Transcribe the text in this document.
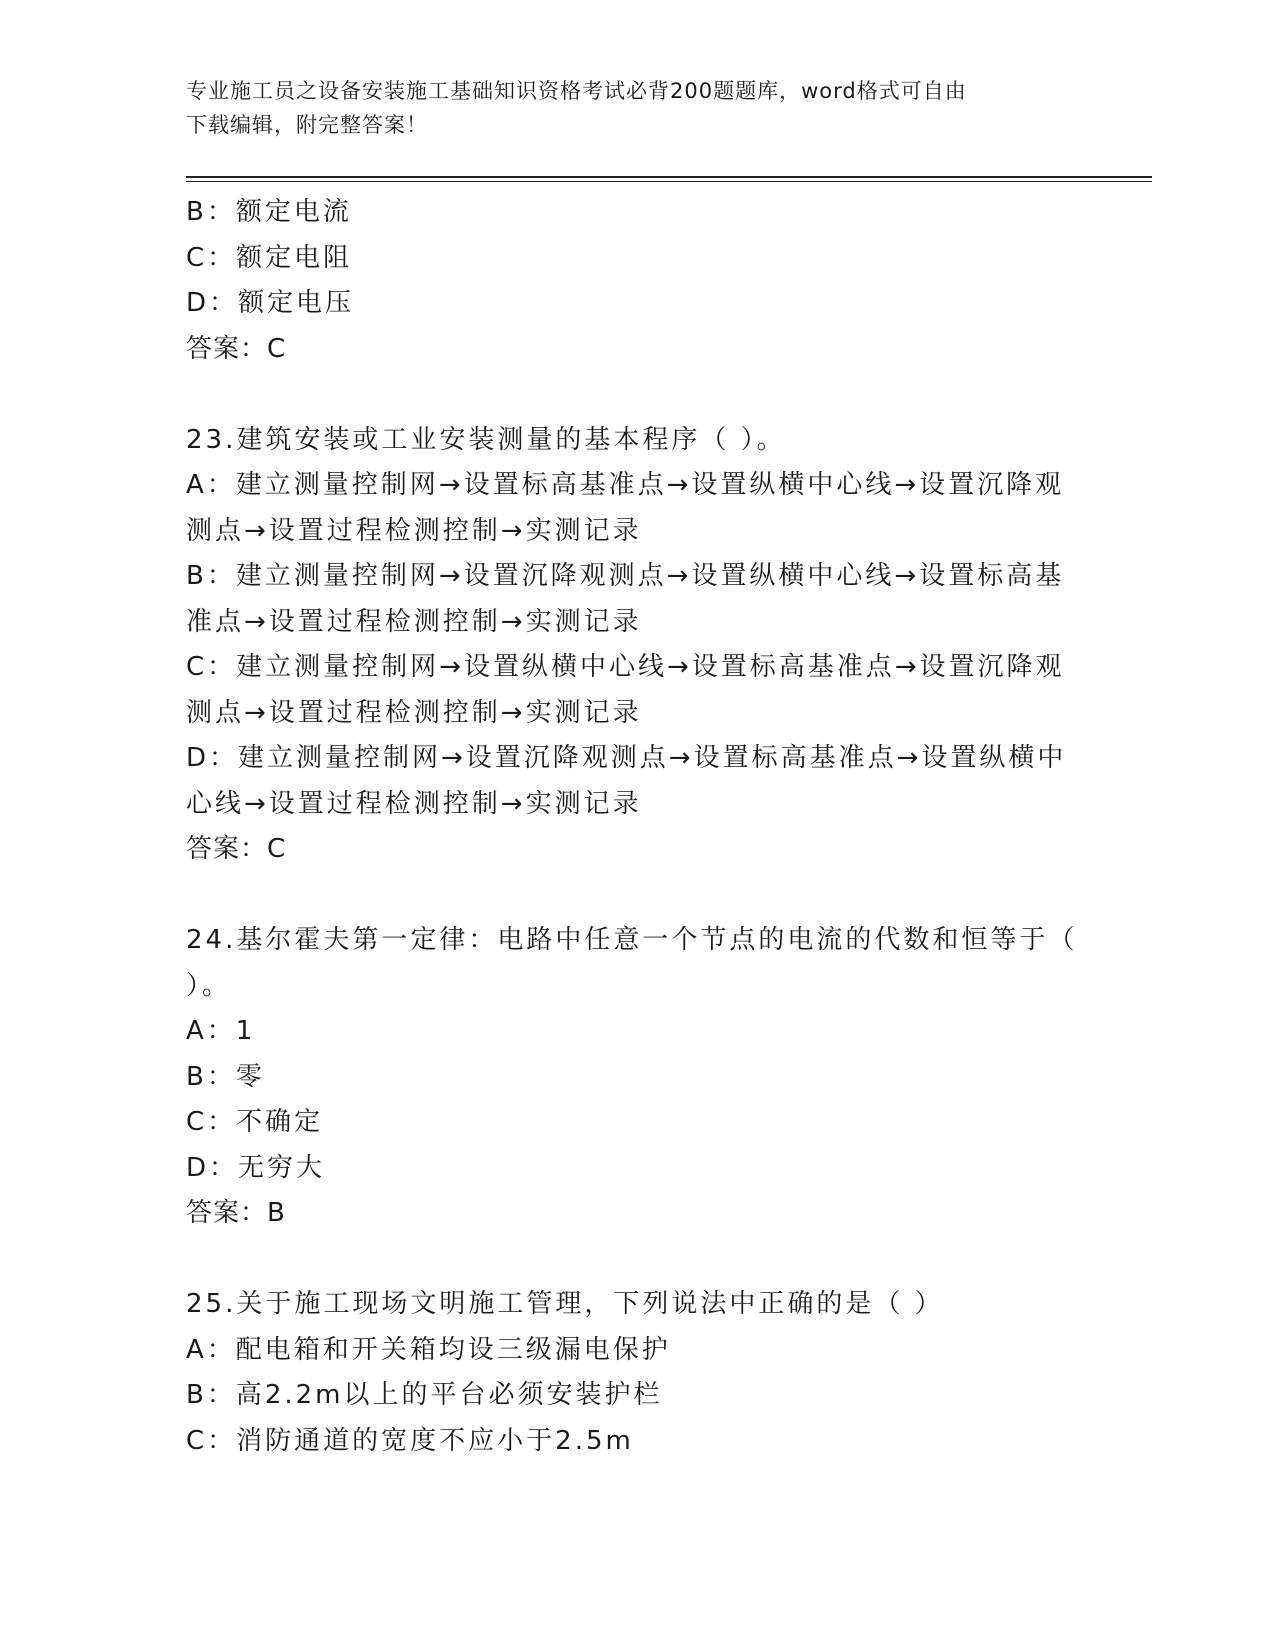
专业施工员之设备安装施工基础知识资格考试必背200题题库，word格式可自由
下载编辑，附完整答案！
B：额定电流
C：额定电阻
D：额定电压
答案：C
23.建筑安装或工业安装测量的基本程序（ ）。
A：建立测量控制网→设置标高基准点→设置纵横中心线→设置沉降观
测点→设置过程检测控制→实测记录
B：建立测量控制网→设置沉降观测点→设置纵横中心线→设置标高基
准点→设置过程检测控制→实测记录
C：建立测量控制网→设置纵横中心线→设置标高基准点→设置沉降观
测点→设置过程检测控制→实测记录
D：建立测量控制网→设置沉降观测点→设置标高基准点→设置纵横中
心线→设置过程检测控制→实测记录
答案：C
24.基尔霍夫第一定律：电路中任意一个节点的电流的代数和恒等于（
）。
A：1
B：零
C：不确定
D：无穷大
答案：B
25.关于施工现场文明施工管理，下列说法中正确的是（ ）
A：配电箱和开关箱均设三级漏电保护
B：高2.2m以上的平台必须安装护栏
C：消防通道的宽度不应小于2.5m
